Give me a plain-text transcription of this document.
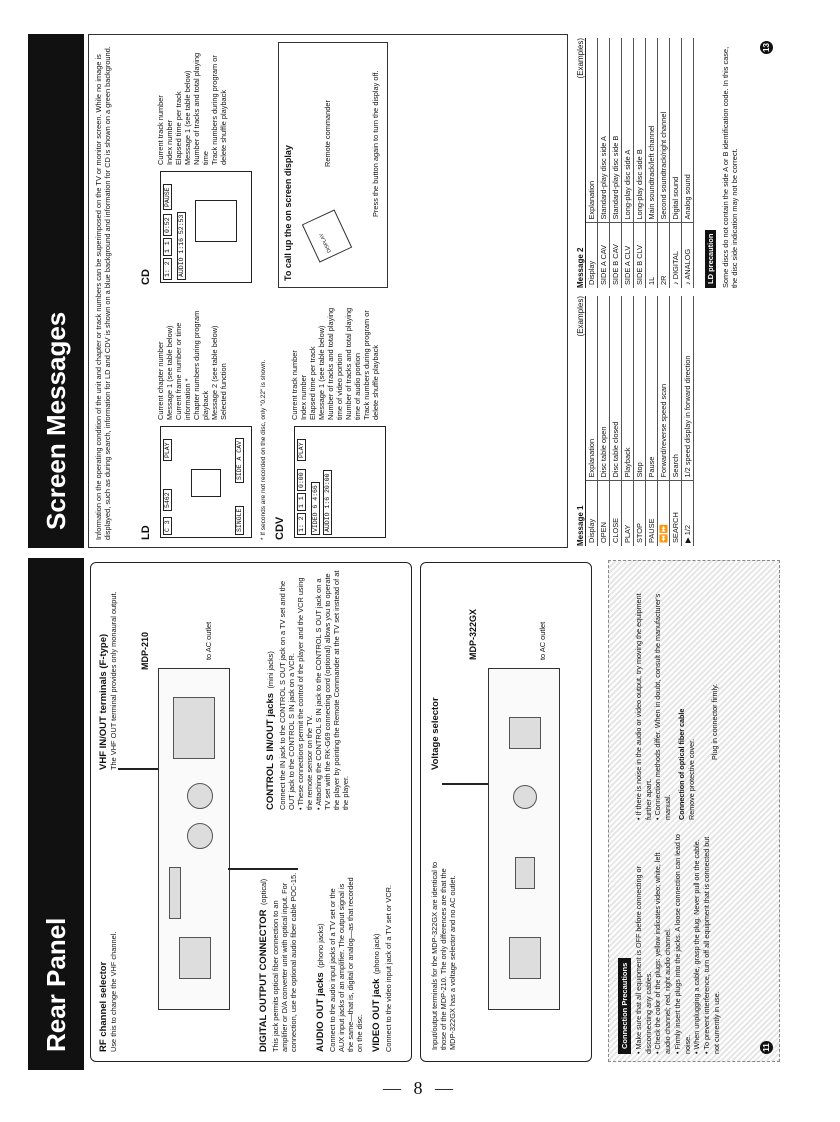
Rear Panel	RF channel selector Use this to change the VHF channel.
VHF IN/OUT terminals (F-type) The VHF OUT terminal provides only monaural output. MDP-210	to AC outlet
DIGITAL OUTPUT CONNECTOR (optical)
This jack permits optical fiber connection to an amplifier or D/A converter unit with optical input. For connection, use the optional audio fiber cable POC-15.	AUDIO OUT jacks (phono jacks) Connect to the audio input jacks of a TV set or the AUX input jacks of an amplifier. The output signal is the same—that is, digital or analog—as that recorded on the disc. VIDEO OUT jack (phono jack) Connect to the video input jack of a TV set or VCR.
CONTROL S IN/OUT jacks (mini jacks) Connect the IN jack to the CONTROL S OUT jack on a TV set and the OUT jack to the CONTROL S IN jack on a VCR. • These connections permit the control of the player and the VCR using the remote sensor on the TV. • Attaching the CONTROL S IN jack to the CONTROL S OUT jack on a TV set with the RK-G69 connecting cord (optional) allows you to operate the player by pointing the Remote Commander at the TV set instead of at the player.
Input/output terminals for the MDP-322GX are identical to those of the MDP-210. The only differences are that the MDP-322GX has a voltage selector and no AC outlet.
Voltage selector
MDP-322GX	to AC outlet
Connection Precautions • Make sure that all equipment is OFF before connecting or disconnecting any cables. • Check the color of the plugs: yellow indicates video; white, left audio channel; red, right audio channel. • Firmly insert the plugs into the jacks. A loose connection can lead to noise. • When unplugging a cable, grasp the plug. Never pull on the cable. • To prevent interference, turn off all equipment that is connected but not currently in use.
• If there is noise in the audio or video output, try moving the equipment further apart. • Connection methods differ. When in doubt, consult the manufacturer's manual. Connection of optical fiber cable Remove protective cover.
Plug in connector firmly.
11
Screen Messages	Information on the operating condition of the unit and chapter or track numbers can be superimposed on the TV or monitor screen. While no image is displayed, such as during search, information for LD and CDV is shown on a blue background and information for CD is shown on a green background.	LD C 3
5462
PLAY
SINGLE
SIDE A CAV
Current chapter number Message 1 (see table below) Current frame number or time information * Chapter numbers during program playback Message 2 (see table below) Selected function	* If seconds are not recorded on the disc, only "0.22" is shown. CDV 1: 2
1 1
0:00
PLAY
VIDEO 6 4:66 AUDIO 1:6 20:00
Current track number Index number Elapsed time per track Message 1 (see table below) Number of tracks and total playing time of video portion Number of tracks and total playing time of audio portion Track numbers during program or delete shuffle playback
CD 1: 2
1 1
0:52
PAUSE
AUDIO 1:16 52:53
Current track number Index number Elapsed time per track Message 1 (see table below) Number of tracks and total playing time Track numbers during program or delete shuffle playback
To call up the on screen display	DISPLAY
Remote commander	Press the button again to turn the display off.
Message 1
(Examples)
Display	Explanation
OPEN	Disc table open
CLOSE	Disc table closed
PLAY	Playback
STOP	Stop
PAUSE	Pause
⏪⏩	Forward/reverse speed scan
SEARCH	Search
▶ 1/2	1/2 speed display in forward direction
Message 2
(Examples)
Display	Explanation
SIDE A CAV	Standard-play disc side A
SIDE B CAV	Standard-play disc side B
SIDE A CLV	Long-play disc side A
SIDE B CLV	Long-play disc side B
1L	Main soundtrack/left channel
2R	Second soundtrack/right channel
♪ DIGITAL	Digital sound
♪ ANALOG	Analog sound
LD precaution Some discs do not contain the side A or B identification code. In this case, the disc side indication may not be correct.
13
— 8 —
